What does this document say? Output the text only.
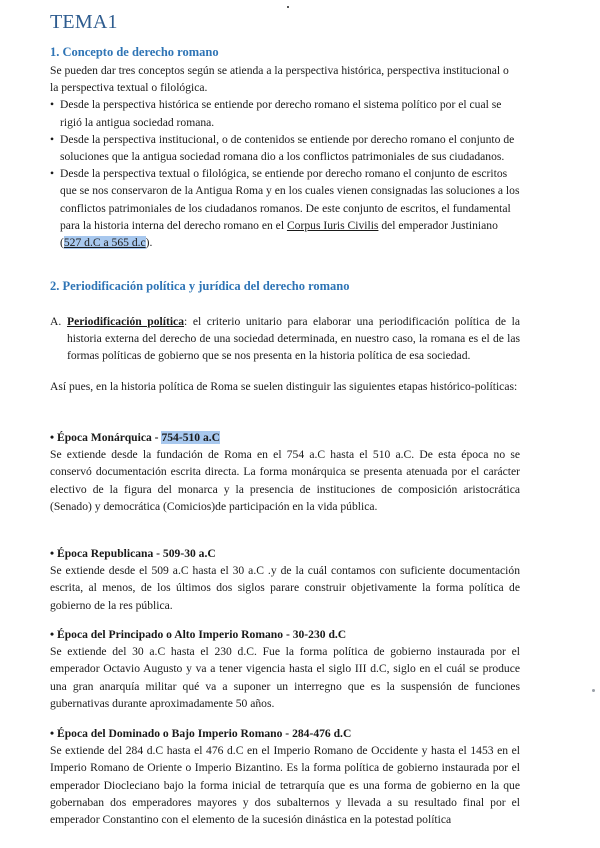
TEMA1
1. Concepto de derecho romano

Se pueden dar tres conceptos según se atienda a la perspectiva histórica, perspectiva institucional o la perspectiva textual o filológica.

• Desde la perspectiva histórica se entiende por derecho romano el sistema político por el cual se rigió la antigua sociedad romana.

• Desde la perspectiva institucional, o de contenidos se entiende por derecho romano el conjunto de soluciones que la antigua sociedad romana dio a los conflictos patrimoniales de sus ciudadanos.

• Desde la perspectiva textual o filológica, se entiende por derecho romano el conjunto de escritos que se nos conservaron de la Antigua Roma y en los cuales vienen consignadas las soluciones a los conflictos patrimoniales de los ciudadanos romanos. De este conjunto de escritos, el fundamental para la historia interna del derecho romano en el Corpus Iuris Civilis del emperador Justiniano (527 d.C a 565 d.c).

2. Periodificación política y jurídica del derecho romano

A. Periodificación política: el criterio unitario para elaborar una periodificación política de la historia externa del derecho de una sociedad determinada, en nuestro caso, la romana es el de las formas políticas de gobierno que se nos presenta en la historia política de esa sociedad.

Así pues, en la historia política de Roma se suelen distinguir las siguientes etapas histórico-políticas:

• Época Monárquica - 754-510 a.C

Se extiende desde la fundación de Roma en el 754 a.C hasta el 510 a.C. De esta época no se conservó documentación escrita directa. La forma monárquica se presenta atenuada por el carácter electivo de la figura del monarca y la presencia de instituciones de composición aristocrática (Senado) y democrática (Comicios)de participación en la vida pública.

• Época Republicana - 509-30 a.C

Se extiende desde el 509 a.C hasta el 30 a.C .y de la cuál contamos con suficiente documentación escrita, al menos, de los últimos dos siglos parare construir objetivamente la forma política de gobierno de la res pública.

• Época del Principado o Alto Imperio Romano - 30-230 d.C

Se extiende del 30 a.C hasta el 230 d.C. Fue la forma política de gobierno instaurada por el emperador Octavio Augusto y va a tener vigencia hasta el siglo III d.C, siglo en el cuál se produce una gran anarquía militar qué va a suponer un interregno que es la suspensión de funciones gubernativas durante aproximadamente 50 años.

• Época del Dominado o Bajo Imperio Romano - 284-476 d.C

Se extiende del 284 d.C hasta el 476 d.C en el Imperio Romano de Occidente y hasta el 1453 en el Imperio Romano de Oriente o Imperio Bizantino. Es la forma política de gobierno instaurada por el emperador Diocleciano bajo la forma inicial de tetrarquía que es una forma de gobierno en la que gobernaban dos emperadores mayores y dos subalternos y llevada a su resultado final por el emperador Constantino con el elemento de la sucesión dinástica en la potestad política
